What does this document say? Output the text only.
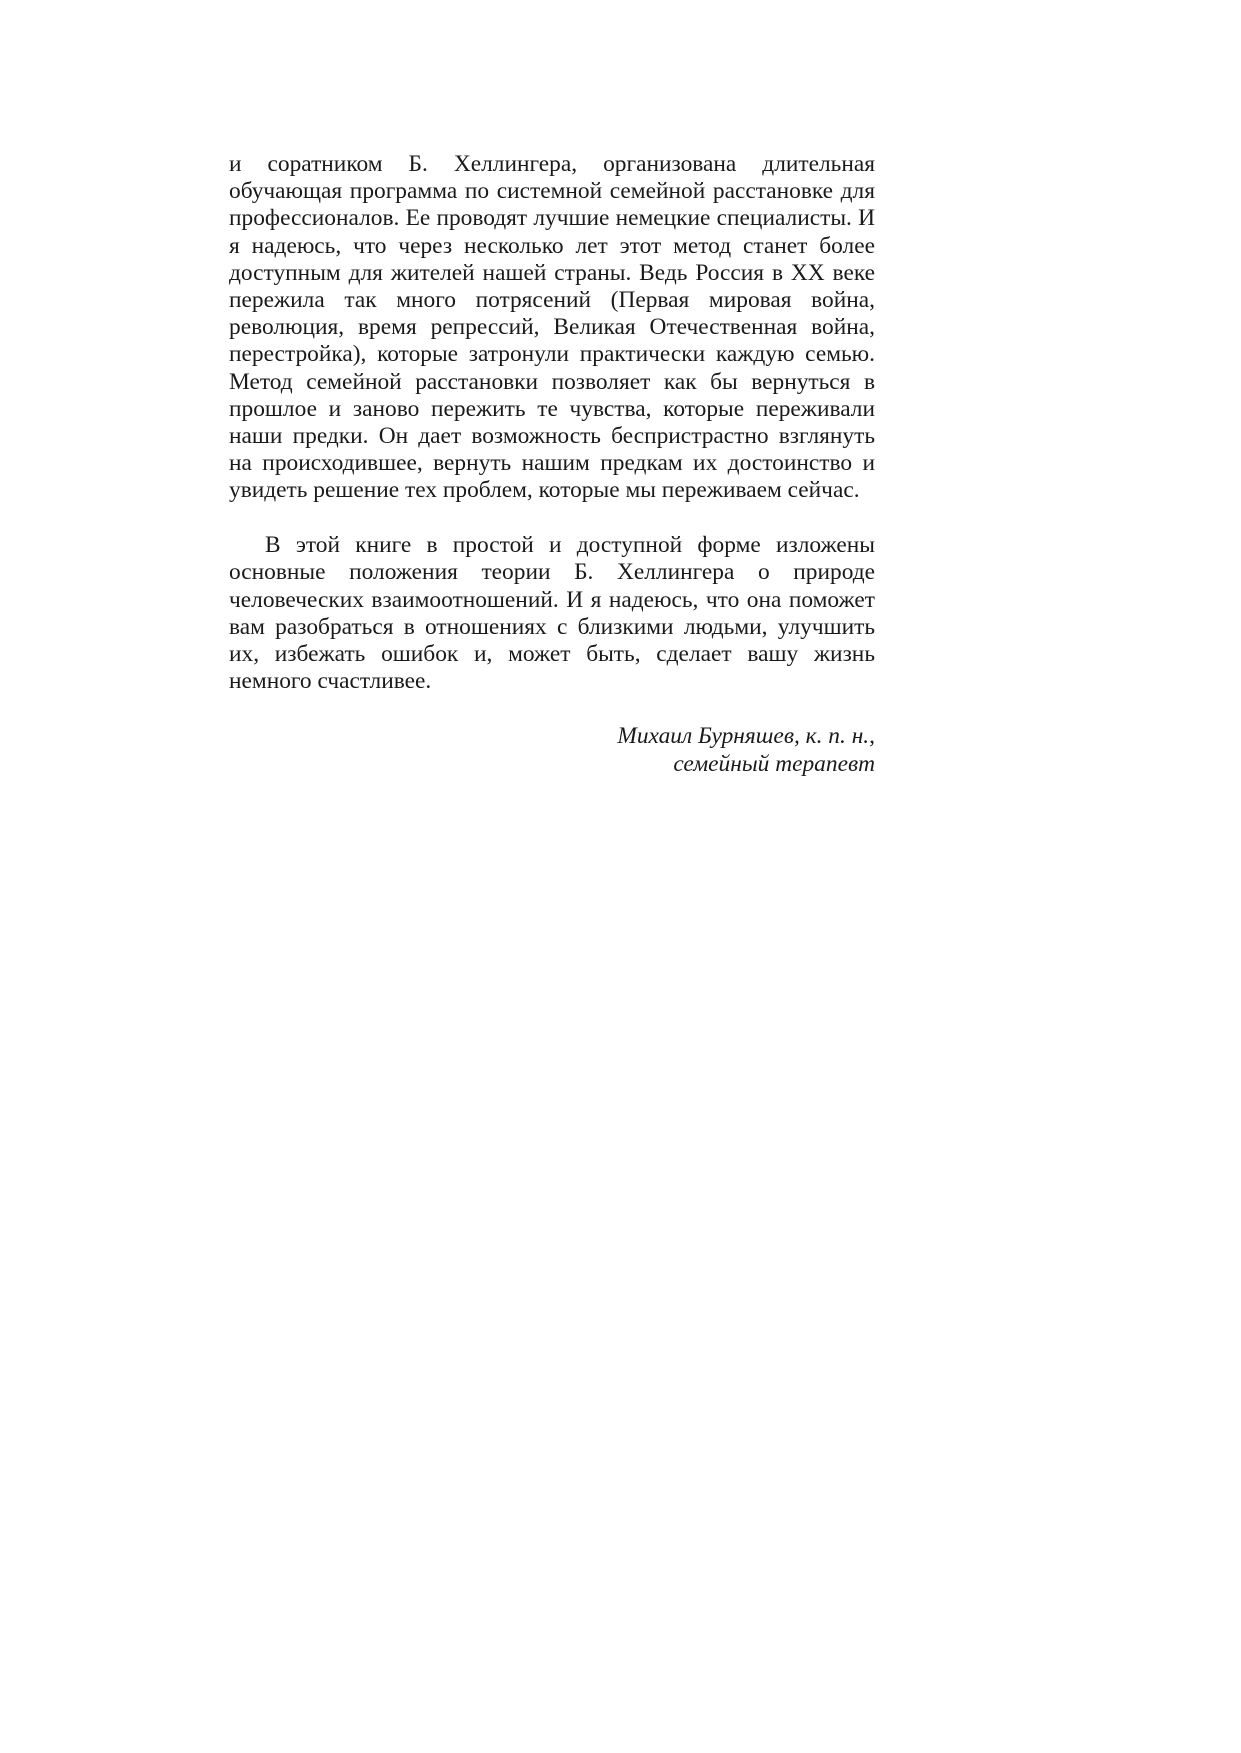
и соратником Б. Хеллингера, организована длительная обучающая программа по системной семейной расстановке для профессионалов. Ее проводят лучшие немецкие специалисты. И я надеюсь, что через несколько лет этот метод станет более доступным для жителей нашей страны. Ведь Россия в XX веке пережила так много потрясений (Первая мировая война, революция, время репрессий, Великая Отечественная война, перестройка), которые затронули практически каждую семью. Метод семейной расстановки позволяет как бы вернуться в прошлое и заново пережить те чувства, которые переживали наши предки. Он дает возможность беспристрастно взглянуть на происходившее, вернуть нашим предкам их достоинство и увидеть решение тех проблем, которые мы переживаем сейчас.

В этой книге в простой и доступной форме изложены основные положения теории Б. Хеллингера о природе человеческих взаимоотношений. И я надеюсь, что она поможет вам разобраться в отношениях с близкими людьми, улучшить их, избежать ошибок и, может быть, сделает вашу жизнь немного счастливее.

Михаил Бурняшев, к. п. н.,
семейный терапевт
